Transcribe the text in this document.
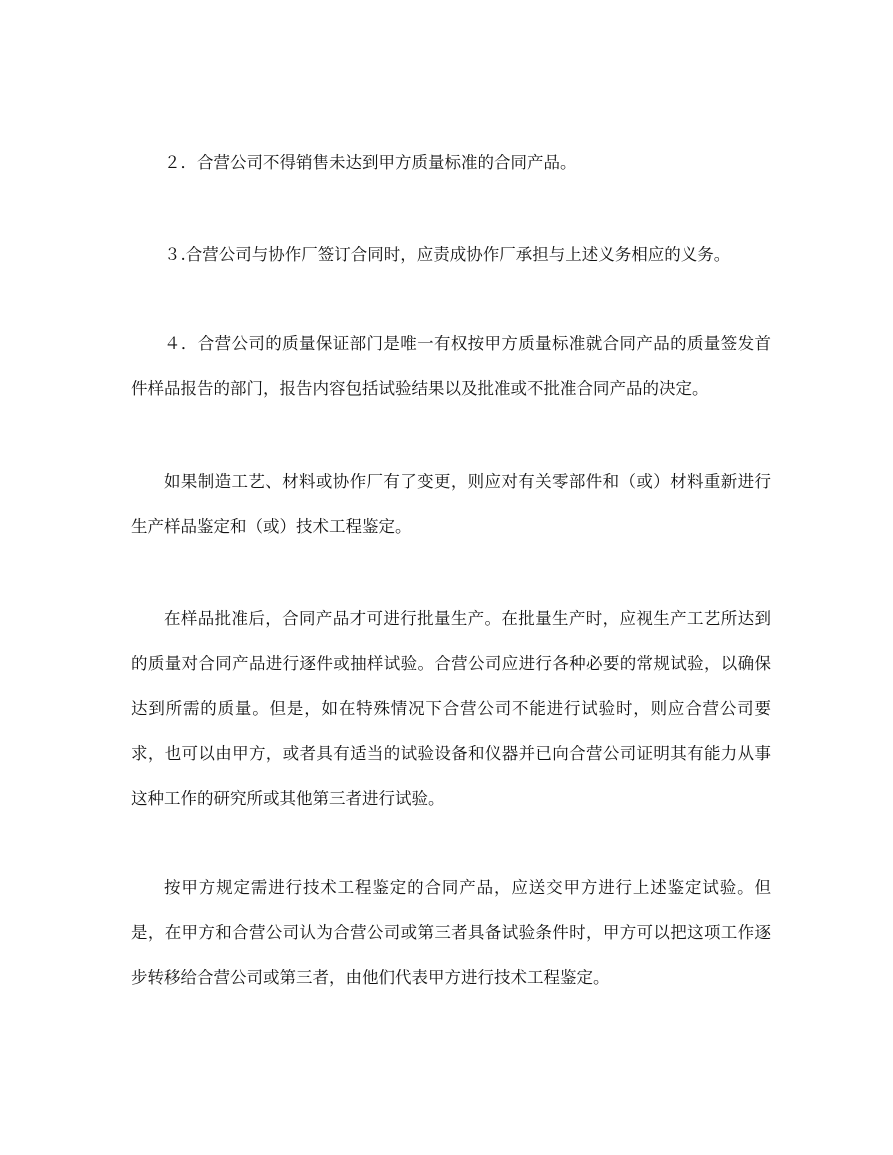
２．合营公司不得销售未达到甲方质量标准的合同产品。

３.合营公司与协作厂签订合同时，应责成协作厂承担与上述义务相应的义务。

４．合营公司的质量保证部门是唯一有权按甲方质量标准就合同产品的质量签发首件样品报告的部门，报告内容包括试验结果以及批准或不批准合同产品的决定。

如果制造工艺、材料或协作厂有了变更，则应对有关零部件和（或）材料重新进行生产样品鉴定和（或）技术工程鉴定。

在样品批准后，合同产品才可进行批量生产。在批量生产时，应视生产工艺所达到的质量对合同产品进行逐件或抽样试验。合营公司应进行各种必要的常规试验，以确保达到所需的质量。但是，如在特殊情况下合营公司不能进行试验时，则应合营公司要求，也可以由甲方，或者具有适当的试验设备和仪器并已向合营公司证明其有能力从事这种工作的研究所或其他第三者进行试验。

按甲方规定需进行技术工程鉴定的合同产品，应送交甲方进行上述鉴定试验。但是，在甲方和合营公司认为合营公司或第三者具备试验条件时，甲方可以把这项工作逐步转移给合营公司或第三者，由他们代表甲方进行技术工程鉴定。
